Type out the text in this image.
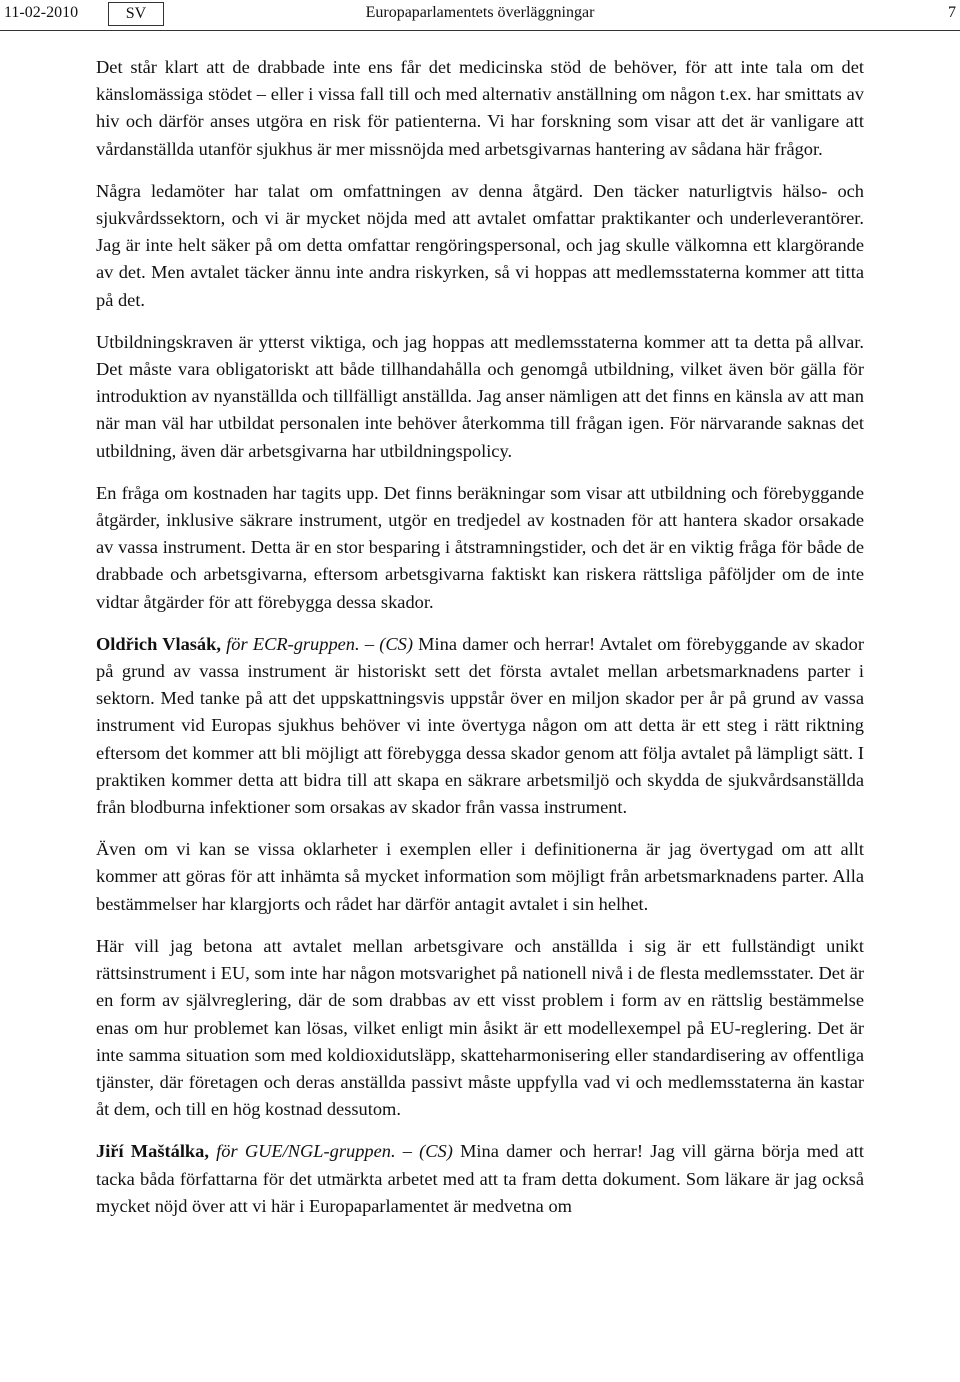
11-02-2010	SV	Europaparlamentets överläggningar	7

Det står klart att de drabbade inte ens får det medicinska stöd de behöver, för att inte tala om det känslomässiga stödet – eller i vissa fall till och med alternativ anställning om någon t.ex. har smittats av hiv och därför anses utgöra en risk för patienterna. Vi har forskning som visar att det är vanligare att vårdanställda utanför sjukhus är mer missnöjda med arbetsgivarnas hantering av sådana här frågor.

Några ledamöter har talat om omfattningen av denna åtgärd. Den täcker naturligtvis hälso- och sjukvårdssektorn, och vi är mycket nöjda med att avtalet omfattar praktikanter och underleverantörer. Jag är inte helt säker på om detta omfattar rengöringspersonal, och jag skulle välkomna ett klargörande av det. Men avtalet täcker ännu inte andra riskyrken, så vi hoppas att medlemsstaterna kommer att titta på det.

Utbildningskraven är ytterst viktiga, och jag hoppas att medlemsstaterna kommer att ta detta på allvar. Det måste vara obligatoriskt att både tillhandahålla och genomgå utbildning, vilket även bör gälla för introduktion av nyanställda och tillfälligt anställda. Jag anser nämligen att det finns en känsla av att man när man väl har utbildat personalen inte behöver återkomma till frågan igen. För närvarande saknas det utbildning, även där arbetsgivarna har utbildningspolicy.

En fråga om kostnaden har tagits upp. Det finns beräkningar som visar att utbildning och förebyggande åtgärder, inklusive säkrare instrument, utgör en tredjedel av kostnaden för att hantera skador orsakade av vassa instrument. Detta är en stor besparing i åtstramningstider, och det är en viktig fråga för både de drabbade och arbetsgivarna, eftersom arbetsgivarna faktiskt kan riskera rättsliga påföljder om de inte vidtar åtgärder för att förebygga dessa skador.

Oldřich Vlasák, för ECR-gruppen. – (CS) Mina damer och herrar! Avtalet om förebyggande av skador på grund av vassa instrument är historiskt sett det första avtalet mellan arbetsmarknadens parter i sektorn. Med tanke på att det uppskattningsvis uppstår över en miljon skador per år på grund av vassa instrument vid Europas sjukhus behöver vi inte övertyga någon om att detta är ett steg i rätt riktning eftersom det kommer att bli möjligt att förebygga dessa skador genom att följa avtalet på lämpligt sätt. I praktiken kommer detta att bidra till att skapa en säkrare arbetsmiljö och skydda de sjukvårdsanställda från blodburna infektioner som orsakas av skador från vassa instrument.

Även om vi kan se vissa oklarheter i exemplen eller i definitionerna är jag övertygad om att allt kommer att göras för att inhämta så mycket information som möjligt från arbetsmarknadens parter. Alla bestämmelser har klargjorts och rådet har därför antagit avtalet i sin helhet.

Här vill jag betona att avtalet mellan arbetsgivare och anställda i sig är ett fullständigt unikt rättsinstrument i EU, som inte har någon motsvarighet på nationell nivå i de flesta medlemsstater. Det är en form av självreglering, där de som drabbas av ett visst problem i form av en rättslig bestämmelse enas om hur problemet kan lösas, vilket enligt min åsikt är ett modellexempel på EU-reglering. Det är inte samma situation som med koldioxidutsläpp, skatteharmonisering eller standardisering av offentliga tjänster, där företagen och deras anställda passivt måste uppfylla vad vi och medlemsstaterna än kastar åt dem, och till en hög kostnad dessutom.

Jiří Maštálka, för GUE/NGL-gruppen. – (CS) Mina damer och herrar! Jag vill gärna börja med att tacka båda författarna för det utmärkta arbetet med att ta fram detta dokument. Som läkare är jag också mycket nöjd över att vi här i Europaparlamentet är medvetna om
